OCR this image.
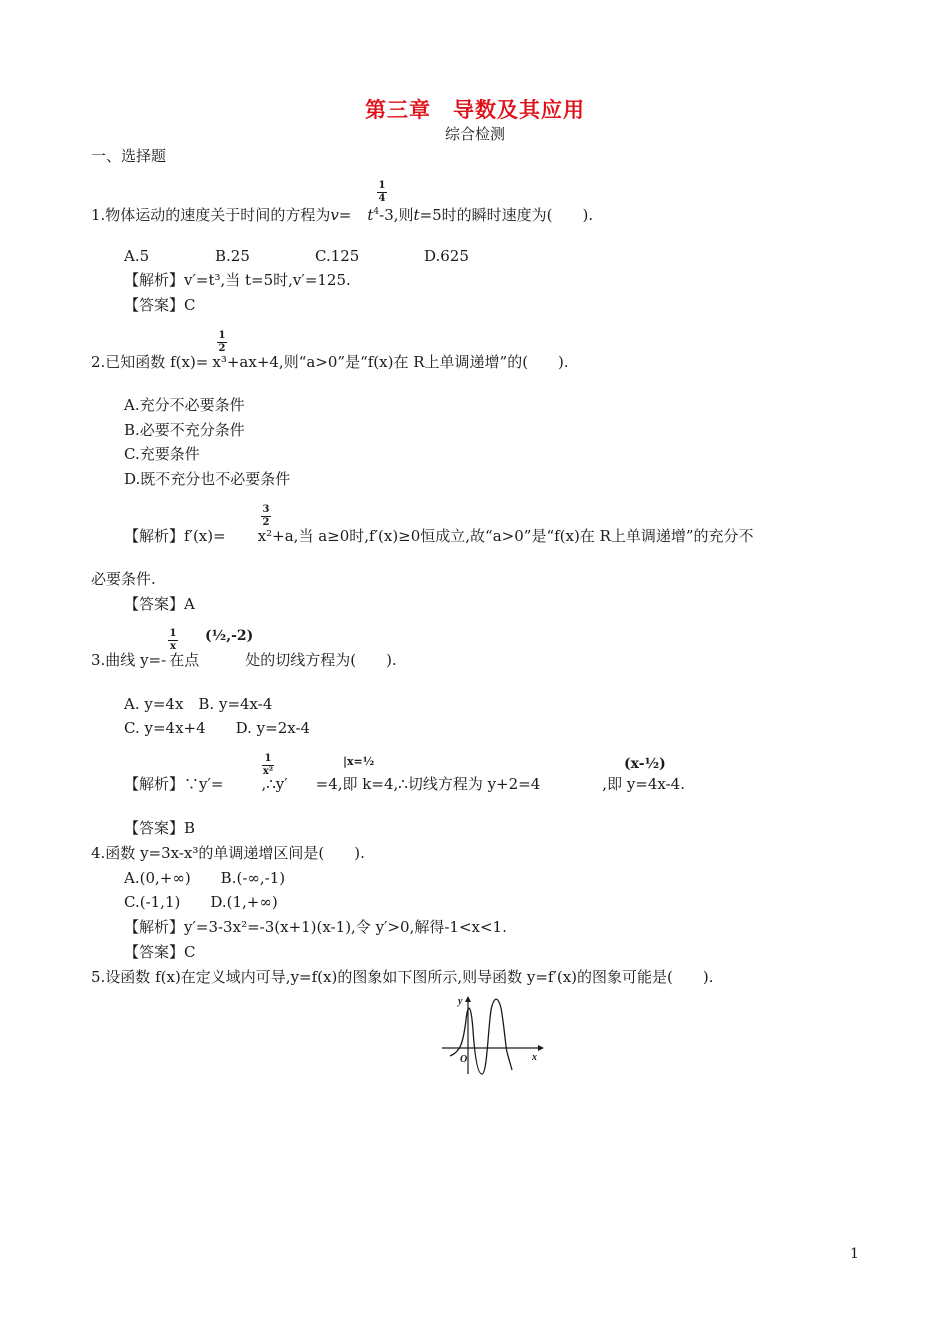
第三章　导数及其应用
综合检测
一、选择题
1.物体运动的速度关于时间的方程为$v= t^4-3$,则t=5时的瞬时速度为(　　).
1
4
A.5	B.25	C.125	D.625
【解析】v′=t³,当 t=5时,v′=125.
【答案】C
1
2
2.已知函数 f(x)= x³+ax+4,则“a>0”是“f(x)在 R上单调递增”的(　　).
A.充分不必要条件
B.必要不充分条件
C.充要条件
D.既不充分也不必要条件
3
2
【解析】f′(x)= x²+a,当 a≥0时,f′(x)≥0恒成立,故“a>0”是“f(x)在 R上单调递增”的充分不
必要条件.
【答案】A
1
x
(½,-2)
3.曲线 y=- 在点	处的切线方程为(　　).
A. y=4x　B. y=4x-4
C. y=4x+4　　D. y=2x-4
1
x²
|x=½	(x-½)
【解析】∵y′=	,∴y′ =4,即 k=4,∴切线方程为 y+2=4	,即 y=4x-4.
【答案】B
4.函数 y=3x-x³的单调递增区间是(　　).
A.(0,+∞)　　B.(-∞,-1)
C.(-1,1)　　D.(1,+∞)
【解析】y′=3-3x²=-3(x+1)(x-1),令 y′>0,解得-1<x<1.
【答案】C
5.设函数 f(x)在定义域内可导,y=f(x)的图象如下图所示,则导函数 y=f′(x)的图象可能是(　　).
y
x
O
1
